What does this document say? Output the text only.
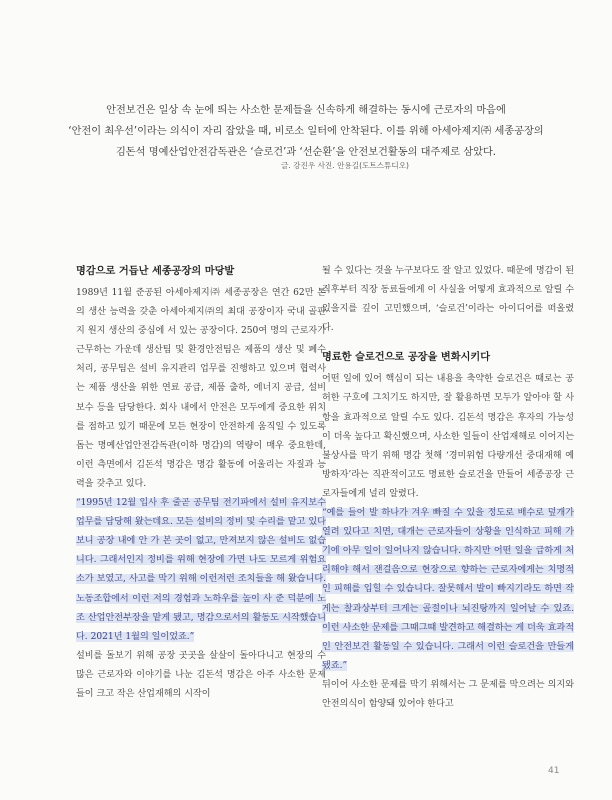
안전보건은 일상 속 눈에 띄는 사소한 문제들을 신속하게 해결하는 동시에 근로자의 마음에

‘안전이 최우선’이라는 의식이 자리 잡았을 때, 비로소 일터에 안착된다. 이를 위해 아세아제지㈜ 세종공장의

김돈석 명예산업안전감독관은 ‘슬로건’과 ‘선순환’을 안전보건활동의 대주제로 삼았다.

글. 강진우 사진. 안용길(도트스튜디오)
명감으로 거듭난 세종공장의 마당발

1989년 11월 준공된 아세아제지㈜ 세종공장은 연간 62만 톤의 생산 능력을 갖춘 아세아제지㈜의 최대 공장이자 국내 골판지 원지 생산의 중심에 서 있는 공장이다. 250여 명의 근로자가 근무하는 가운데 생산팀 및 환경안전팀은 제품의 생산 및 폐수처리, 공무팀은 설비 유지관리 업무를 진행하고 있으며 협력사는 제품 생산을 위한 연료 공급, 제품 출하, 에너지 공급, 설비 보수 등을 담당한다. 회사 내에서 안전은 모두에게 중요한 위치를 점하고 있기 때문에 모든 현장이 안전하게 움직일 수 있도록 돕는 명예산업안전감독관(이하 명감)의 역량이 매우 중요한데, 이런 측면에서 김돈석 명감은 명감 활동에 어울리는 자질과 능력을 갖추고 있다.

“1995년 12월 입사 후 줄곧 공무팀 전기파에서 설비 유지보수 업무를 담당해 왔는데요. 모든 설비의 정비 및 수리를 맡고 있다 보니 공장 내에 안 가 본 곳이 없고, 만져보지 않은 설비도 없습니다. 그래서인지 정비를 위해 현장에 가면 나도 모르게 위험요소가 보였고, 사고를 막기 위해 이런저런 조치들을 해 왔습니다. 노동조합에서 이런 저의 경험과 노하우를 높이 사 준 덕분에 노조 산업안전부장을 맡게 됐고, 명감으로서의 활동도 시작했습니다. 2021년 1월의 일이었죠.”

설비를 돌보기 위해 공장 곳곳을 살살이 돌아다니고 현장의 수많은 근로자와 이야기를 나눈 김돈석 명감은 아주 사소한 문제들이 크고 작은 산업재해의 시작이

될 수 있다는 것을 누구보다도 잘 알고 있었다. 때문에 명감이 된 직후부터 직장 동료들에게 이 사실을 어떻게 효과적으로 알릴 수 있을지를 깊이 고민했으며, ‘슬로건’이라는 아이디어를 떠올렸다.

명료한 슬로건으로 공장을 변화시키다

어떤 일에 있어 핵심이 되는 내용을 축약한 슬로건은 때로는 공허한 구호에 그치기도 하지만, 잘 활용하면 모두가 알아야 할 사항을 효과적으로 알릴 수도 있다. 김돈석 명감은 후자의 가능성이 더욱 높다고 확신했으며, 사소한 일들이 산업재해로 이어지는 불상사를 막기 위해 명감 첫해 ‘경미위험 다량개선 중대재해 예방하자’라는 직관적이고도 명료한 슬로건을 만들어 세종공장 근로자들에게 널리 알렸다.

“예를 들어 발 하나가 겨우 빠질 수 있을 정도로 배수로 덮개가 열려 있다고 치면, 대개는 근로자들이 상황을 인식하고 피해 가기에 아무 일이 일어나지 않습니다. 하지만 어떤 일을 급하게 처리해야 해서 잰걸음으로 현장으로 향하는 근로자에게는 치명적인 피해를 입힐 수 있습니다. 잘못해서 발이 빠지기라도 하면 작게는 찰과상부터 크게는 골절이나 뇌진탕까지 일어날 수 있죠. 이런 사소한 문제를 그때그때 발견하고 해결하는 게 더욱 효과적인 안전보건 활동일 수 있습니다. 그래서 이런 슬로건을 만들게 됐죠.”

뒤이어 사소한 문제를 막기 위해서는 그 문제를 막으려는 의지와 안전의식이 함양돼 있어야 한다고

41
